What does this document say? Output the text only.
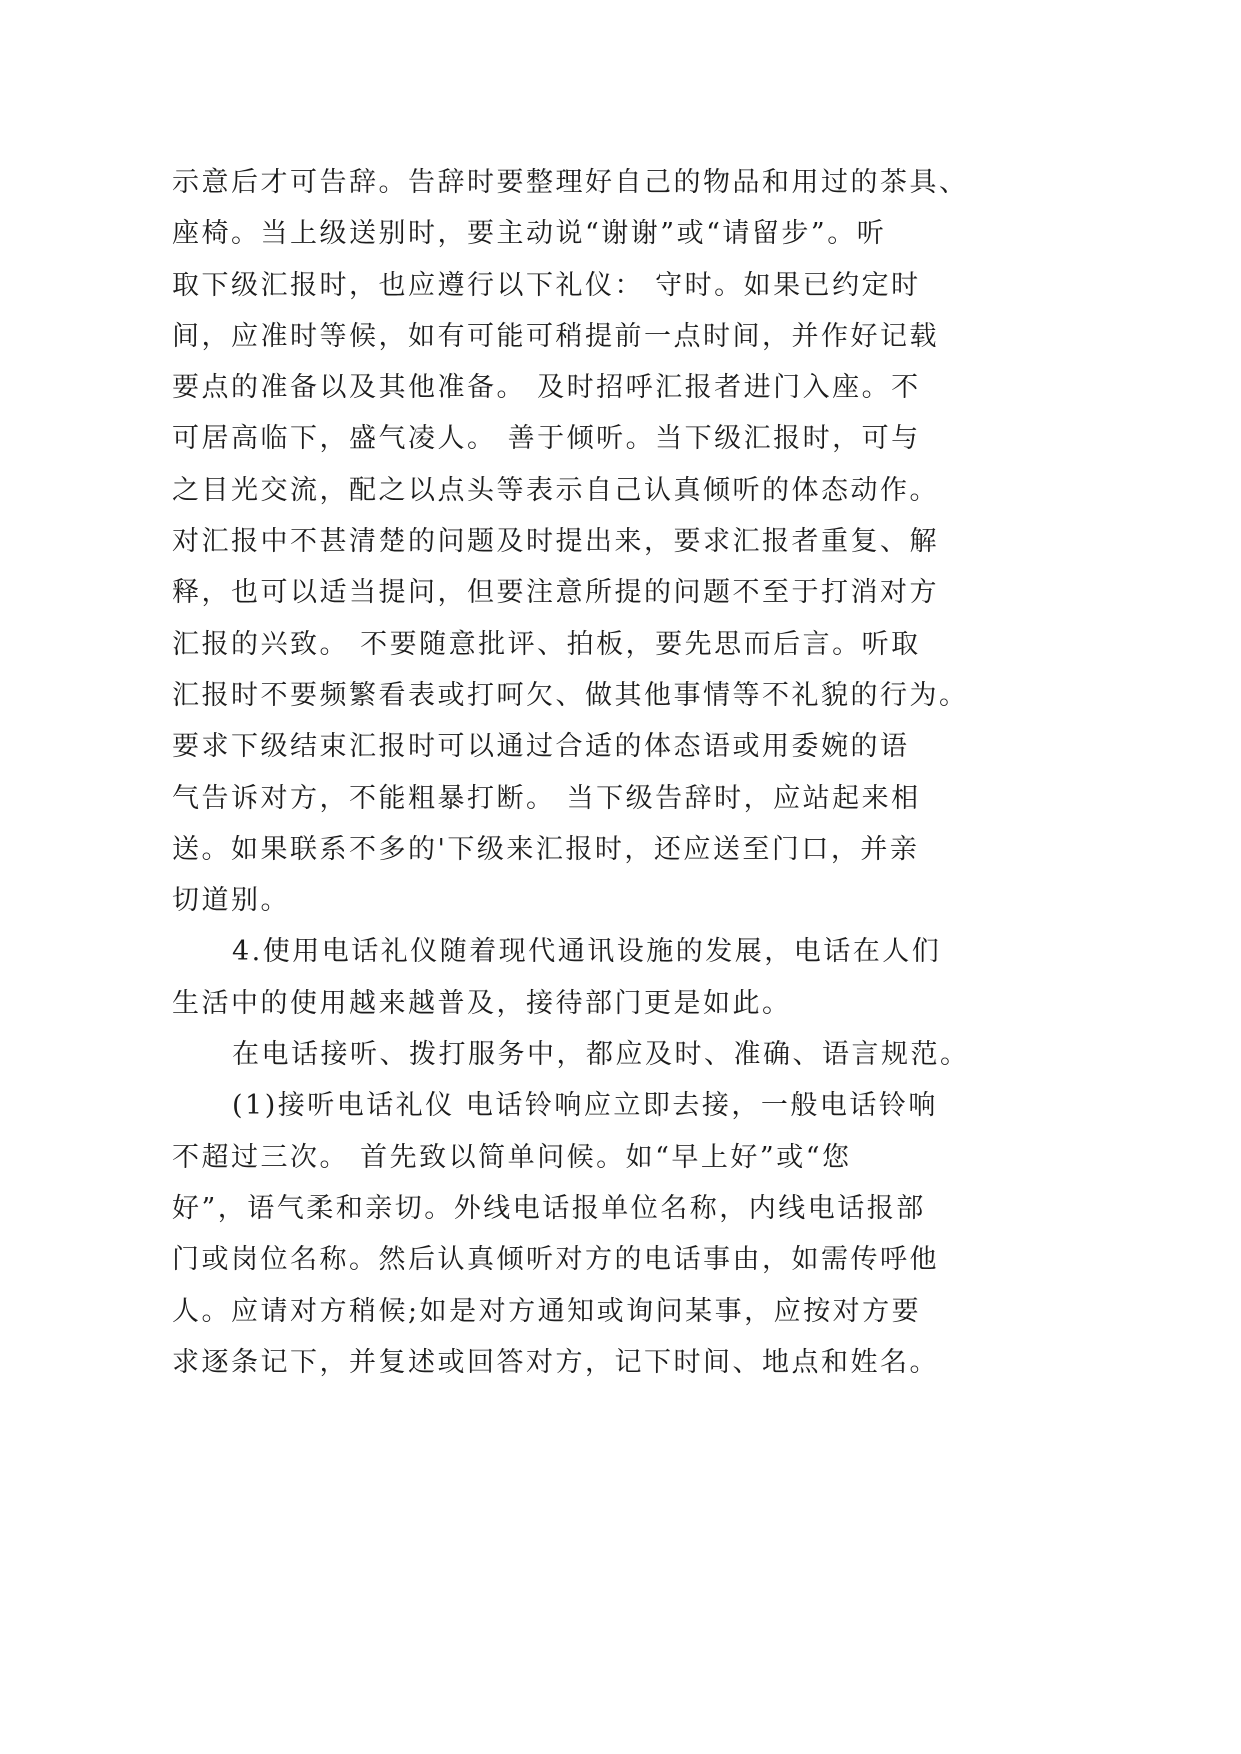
示意后才可告辞。告辞时要整理好自己的物品和用过的茶具、

座椅。当上级送别时，要主动说“谢谢”或“请留步”。听

取下级汇报时，也应遵行以下礼仪： 守时。如果已约定时

间，应准时等候，如有可能可稍提前一点时间，并作好记载

要点的准备以及其他准备。 及时招呼汇报者进门入座。不

可居高临下，盛气凌人。 善于倾听。当下级汇报时，可与

之目光交流，配之以点头等表示自己认真倾听的体态动作。

对汇报中不甚清楚的问题及时提出来，要求汇报者重复、解

释，也可以适当提问，但要注意所提的问题不至于打消对方

汇报的兴致。 不要随意批评、拍板，要先思而后言。听取

汇报时不要频繁看表或打呵欠、做其他事情等不礼貌的行为。

要求下级结束汇报时可以通过合适的体态语或用委婉的语

气告诉对方，不能粗暴打断。 当下级告辞时，应站起来相

送。如果联系不多的'下级来汇报时，还应送至门口，并亲

切道别。

4.使用电话礼仪随着现代通讯设施的发展，电话在人们

生活中的使用越来越普及，接待部门更是如此。

在电话接听、拨打服务中，都应及时、准确、语言规范。

(1)接听电话礼仪 电话铃响应立即去接，一般电话铃响

不超过三次。 首先致以简单问候。如“早上好”或“您

好”，语气柔和亲切。外线电话报单位名称，内线电话报部

门或岗位名称。然后认真倾听对方的电话事由，如需传呼他

人。应请对方稍候;如是对方通知或询问某事，应按对方要

求逐条记下，并复述或回答对方，记下时间、地点和姓名。
